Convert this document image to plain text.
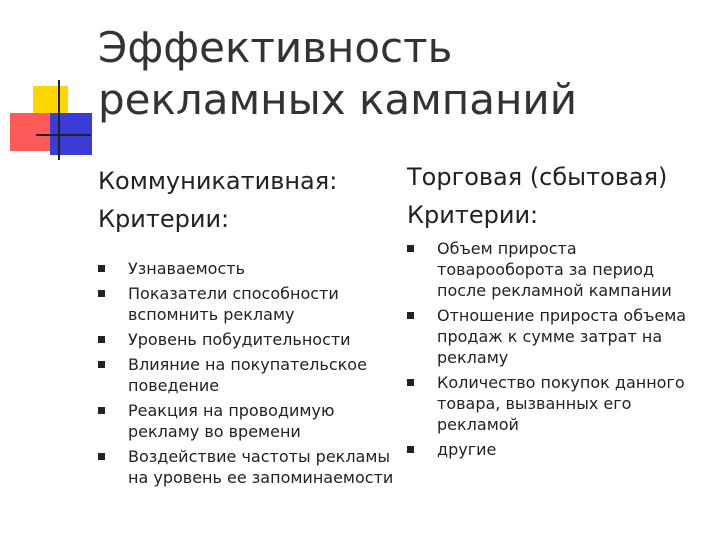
Эффективность рекламных кампаний
Коммуникативная:
Критерии:
Узнаваемость
Показатели способности вспомнить рекламу
Уровень побудительности
Влияние на покупательское поведение
Реакция на проводимую рекламу во времени
Воздействие частоты рекламы на уровень ее запоминаемости
Торговая (сбытовая)
Критерии:
Объем прироста товарооборота за период после рекламной кампании
Отношение прироста объема продаж к сумме затрат на рекламу
Количество покупок данного товара, вызванных его рекламой
другие
